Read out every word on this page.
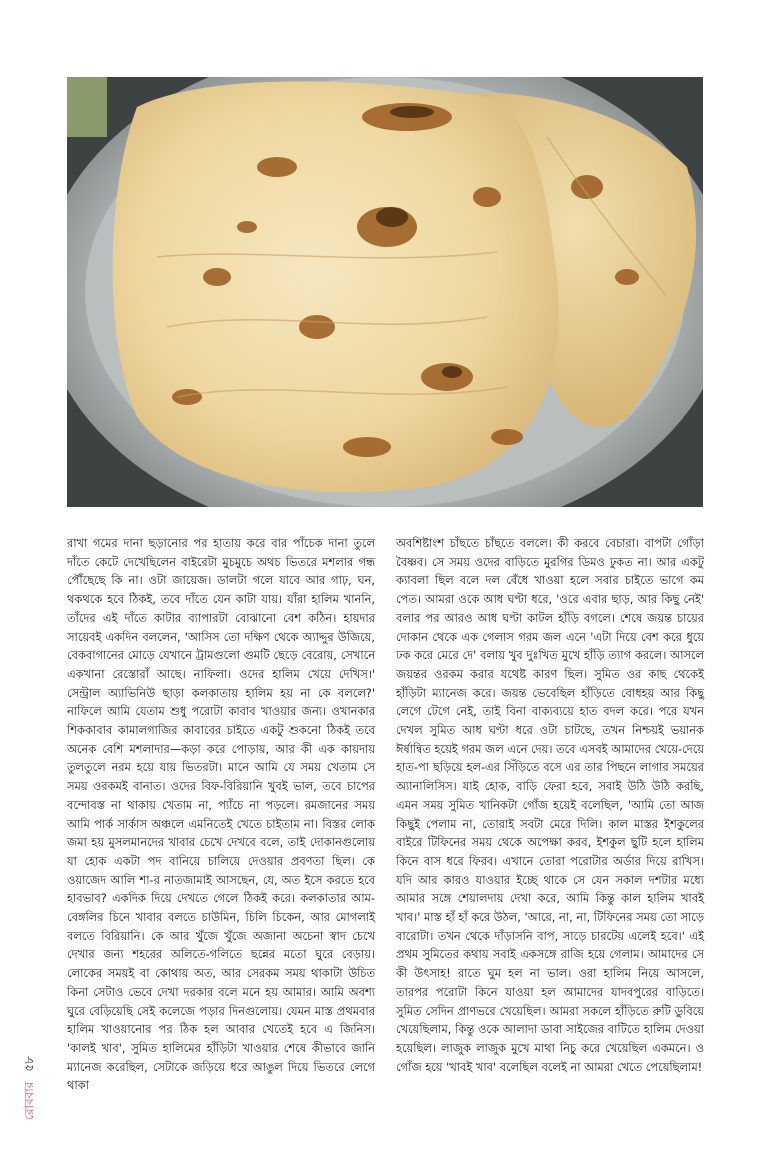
রাখা গমের দানা ছড়ানোর পর হাতায় করে বার পাঁচেক দানা তুলে দাঁতে কেটে দেখেছিলেন বাইরেটা মুচমুচে অথচ ভিতরে মশলার গন্ধ পৌঁছেছে কি না। ওটা জায়েজ। ডালটা গলে যাবে আর গাঢ়, ঘন, থকথকে হবে ঠিকই, তবে দাঁতে যেন কাটা যায়। যাঁরা হালিম খাননি, তাঁদের এই দাঁতে কাটার ব্যাপারটা বোঝানো বেশ কঠিন। হায়দার সায়েবই একদিন বললেন, 'আসিস তো দক্ষিণ থেকে অ্যাদ্দুর উজিয়ে, বেকবাগানের মোড়ে যেখানে ট্রামগুলো গুমটি ছেড়ে বেরোয়, সেখানে একখানা রেস্তোরাঁ আছে। নাফিলা। ওদের হালিম খেয়ে দেখিস।' সেন্ট্রাল অ্যাভিনিউ ছাড়া কলকাতায় হালিম হয় না কে বললে?' নাফিলে আমি যেতাম শুধু পরোটা কাবাব খাওয়ার জন্য। ওখানকার শিককাবাব কামালগাজির কাবাবের চাইতে একটু শুকনো ঠিকই তবে অনেক বেশি মশলাদার—কড়া করে পোড়ায়, আর কী এক কায়দায় তুলতুলে নরম হয়ে যায় ভিতরটা। মানে আমি যে সময় খেতাম সে সময় ওরকমই বানাত। ওদের বিফ-বিরিয়ানি খুবই ভাল, তবে চাপের বন্দোবস্ত না থাকায় খেতাম না, প্যাঁচে না পড়লে। রমজানের সময় আমি পার্ক সার্কাস অঞ্চলে এমনিতেই খেতে চাইতাম না। বিস্তর লোক জমা হয় মুসলমানদের খাবার চেখে দেখবে বলে, তাই দোকানগুলোয় যা হোক একটা পদ বানিয়ে চালিয়ে দেওয়ার প্রবণতা ছিল। কে ওয়াজেদ আলি শা-র নাতজামাই আসছেন, যে, অত ইসে করতে হবে হাবভাব? একদিক দিয়ে দেখতে গেলে ঠিকই করে। কলকাতার আম-বেঙ্গলির চিনে খাবার বলতে চাউমিন, চিলি চিকেন, আর মোগলাই বলতে বিরিয়ানি। কে আর খুঁজে খুঁজে অজানা অচেনা স্বাদ চেখে দেখার জন্য শহরের অলিতে-গলিতে ছন্নের মতো ঘুরে বেড়ায়। লোকের সময়ই বা কোথায় অত, আর সেরকম সময় থাকাটা উচিত কিনা সেটাও ভেবে দেখা দরকার বলে মনে হয় আমার। আমি অবশ্য ঘুরে বেড়িয়েছি সেই কলেজে পড়ার দিনগুলোয়। যেমন মাস্ত প্রথমবার হালিম খাওয়ানোর পর ঠিক হল আবার খেতেই হবে এ জিনিস। 'কালই খাব', সুমিত হালিমের হাঁড়িটা খাওয়ার শেষে কীভাবে জানি ম্যানেজ করেছিল, সেটাকে জড়িয়ে ধরে আঙুল দিয়ে ভিতরে লেগে থাকা

অবশিষ্টাংশ চাঁছতে চাঁছতে বললে। কী করবে বেচারা। বাপটা গোঁড়া বৈষ্ণব। সে সময় ওদের বাড়িতে মুরগির ডিমও ঢুকত না। আর একটু ক্যাবলা ছিল বলে দল বেঁধে খাওয়া হলে সবার চাইতে ভাগে কম পেত। আমরা ওকে আধ ঘণ্টা ধরে, 'ওরে এবার ছাড়, আর কিছু নেই' বলার পর আরও আধ ঘণ্টা কাটল হাঁড়ি বগলে। শেষে জয়ন্ত চায়ের দোকান থেকে এক গেলাস গরম জল এনে 'এটা দিয়ে বেশ করে ধুয়ে ঢক করে মেরে দে' বলায় খুব দুঃখিত মুখে হাঁড়ি ত্যাগ করলে। আসলে জয়ন্তর ওরকম করার যথেষ্ট কারণ ছিল। সুমিত ওর কাছ থেকেই হাঁড়িটা ম্যানেজ করে। জয়ন্ত ভেবেছিল হাঁড়িতে বোধহয় আর কিছু লেগে টেগে নেই, তাই বিনা বাক্যব্যয়ে হাত বদল করে। পরে যখন দেখল সুমিত আধ ঘণ্টা ধরে ওটা চাটছে, তখন নিশ্চয়ই ভয়ানক ঈর্ষান্বিত হয়েই গরম জল এনে দেয়। তবে এসবই আমাদের খেয়ে-দেয়ে হাত-পা ছড়িয়ে হল-এর সিঁড়িতে বসে এর তার পিছনে লাগার সময়ের অ্যানালিসিস। যাই হোক, বাড়ি ফেরা হবে, সবাই উঠি উঠি করছি, এমন সময় সুমিত খানিকটা গোঁজ হয়েই বলেছিল, 'আমি তো আজ কিছুই পেলাম না, তোরাই সবটা মেরে দিলি। কাল মাস্তর ইশকুলের বাইরে টিফিনের সময় থেকে অপেক্ষা করব, ইশকুল ছুটি হলে হালিম কিনে বাস ধরে ফিরব। এখানে তোরা পরোটার অর্ডার দিয়ে রাখিস। যদি আর কারও যাওয়ার ইচ্ছে থাকে সে যেন সকাল দশটার মধ্যে আমার সঙ্গে শেয়ালদায় দেখা করে, আমি কিন্তু কাল হালিম খাবই খাব।' মাস্ত হাঁ হাঁ করে উঠল, 'আরে, না, না, টিফিনের সময় তো সাড়ে বারোটা। তখন থেকে দাঁড়াসনি বাপ, সাড়ে চারটেয় এলেই হবে।' এই প্রথম সুমিতের কথায় সবাই একসঙ্গে রাজি হয়ে গেলাম। আমাদের সে কী উৎসাহ! রাতে ঘুম হল না ভাল। ওরা হালিম নিয়ে আসলে, তারপর পরোটা কিনে যাওয়া হল আমাদের যাদবপুরের বাড়িতে। সুমিত সেদিন প্রাণভরে খেয়েছিল। আমরা সকলে হাঁড়িতে রুটি ডুবিয়ে খেয়েছিলাম, কিন্তু ওকে আলাদা ডাবা সাইজের বাটিতে হালিম দেওয়া হয়েছিল। লাজুক লাজুক মুখে মাথা নিচু করে খেয়েছিল একমনে। ও গোঁজ হয়ে 'খাবই খাব' বলেছিল বলেই না আমরা খেতে পেয়েছিলাম!

রোববার৫৮
